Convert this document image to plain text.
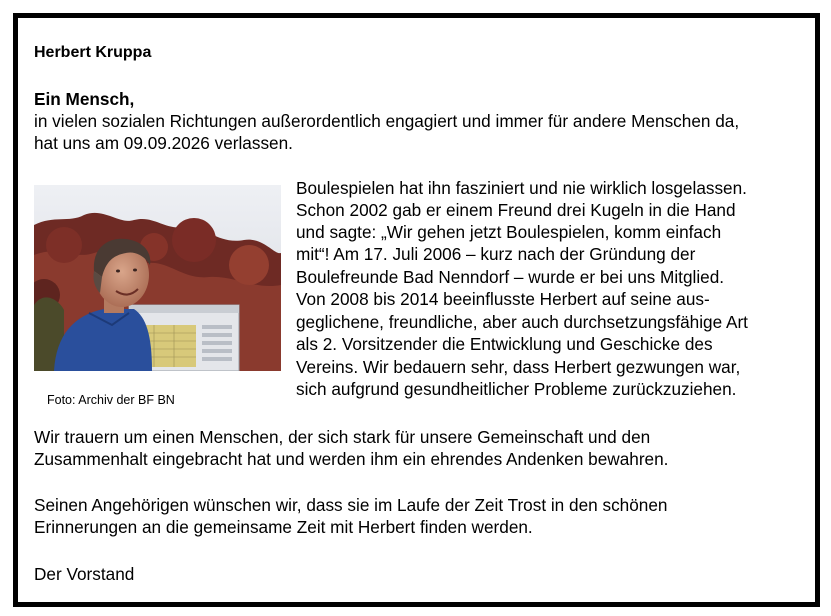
Herbert Kruppa

Ein Mensch,

in vielen sozialen Richtungen außerordentlich engagiert und immer für andere Menschen da,

hat uns am 09.09.2026 verlassen.

Foto: Archiv der BF BN

Boulespielen hat ihn fasziniert und nie wirklich losgelassen.

Schon 2002 gab er einem Freund drei Kugeln in die Hand

und sagte: „Wir gehen jetzt Boulespielen, komm einfach

mit“! Am 17. Juli 2006 – kurz nach der Gründung der

Boulefreunde Bad Nenndorf – wurde er bei uns Mitglied.

Von 2008 bis 2014 beeinflusste Herbert auf seine aus-

geglichene, freundliche, aber auch durchsetzungsfähige Art

als 2. Vorsitzender die Entwicklung und Geschicke des

Vereins. Wir bedauern sehr, dass Herbert gezwungen war,

sich aufgrund gesundheitlicher Probleme zurückzuziehen.

Wir trauern um einen Menschen, der sich stark für unsere Gemeinschaft und den

Zusammenhalt eingebracht hat und werden ihm ein ehrendes Andenken bewahren.

Seinen Angehörigen wünschen wir, dass sie im Laufe der Zeit Trost in den schönen

Erinnerungen an die gemeinsame Zeit mit Herbert finden werden.

Der Vorstand
